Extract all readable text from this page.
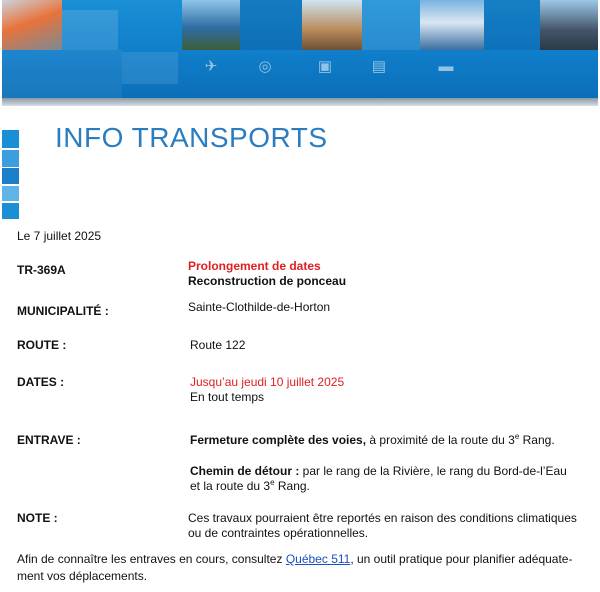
✈	◎	▣	▤	▬
INFO TRANSPORTS
Le 7 juillet 2025
TR-369A	Prolongement de dates
Reconstruction de ponceau
MUNICIPALITÉ :	Sainte-Clothilde-de-Horton
ROUTE :	Route 122
DATES :	Jusqu’au jeudi 10 juillet 2025
En tout temps
ENTRAVE :	Fermeture complète des voies, à proximité de la route du 3e Rang.
Chemin de détour : par le rang de la Rivière, le rang du Bord-de-l’Eau
et la route du 3e Rang.
NOTE :	Ces travaux pourraient être reportés en raison des conditions climatiques
ou de contraintes opérationnelles.
Afin de connaître les entraves en cours, consultez Québec 511, un outil pratique pour planifier adéquate-
ment vos déplacements.
